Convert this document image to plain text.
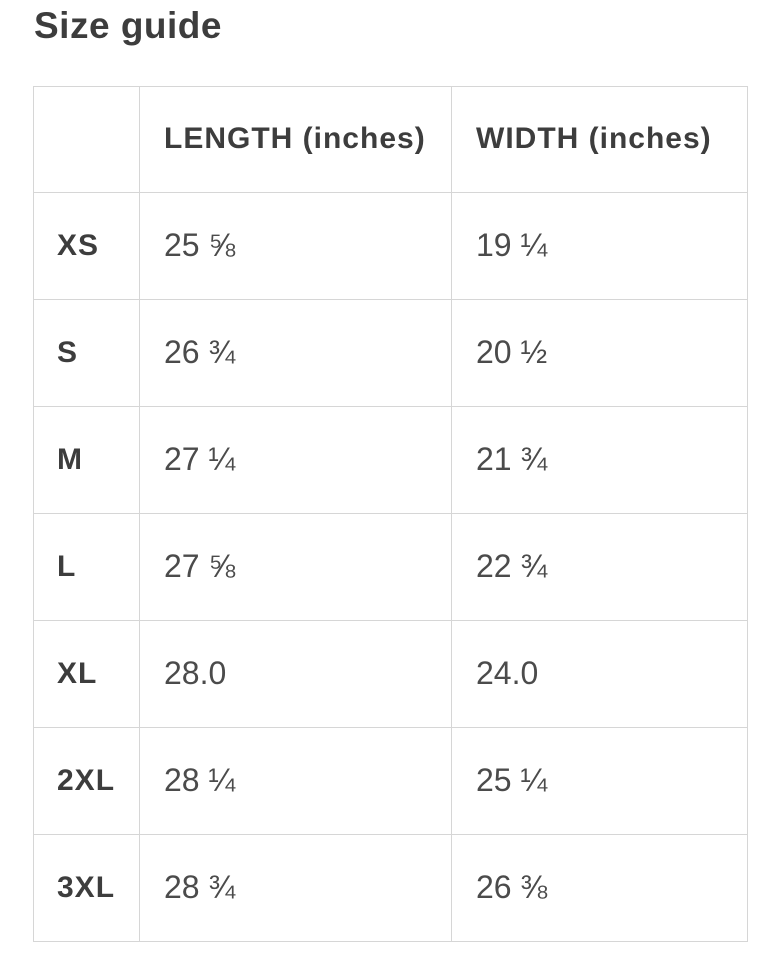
Size guide
	LENGTH (inches)	WIDTH (inches)
XS	25 ⅝	19 ¼
S	26 ¾	20 ½
M	27 ¼	21 ¾
L	27 ⅝	22 ¾
XL	28.0	24.0
2XL	28 ¼	25 ¼
3XL	28 ¾	26 ⅜
